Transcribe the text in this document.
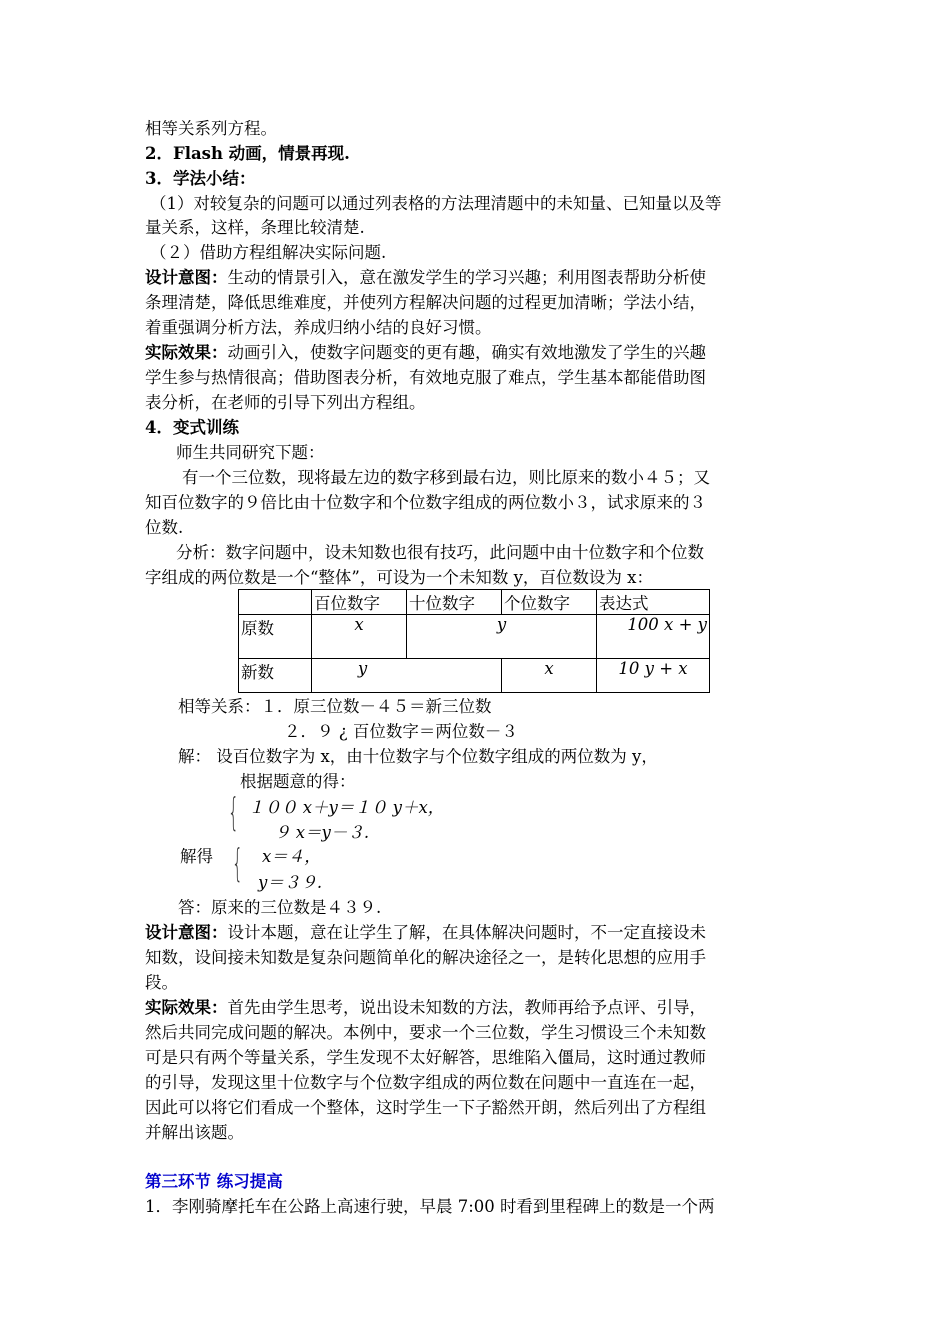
相等关系列方程。
2．Flash 动画，情景再现.
3．学法小结：
（1）对较复杂的问题可以通过列表格的方法理清题中的未知量、已知量以及等
量关系，这样，条理比较清楚.
（２）借助方程组解决实际问题.
设计意图：生动的情景引入，意在激发学生的学习兴趣；利用图表帮助分析使
条理清楚，降低思维难度，并使列方程解决问题的过程更加清晰；学法小结，
着重强调分析方法，养成归纳小结的良好习惯。
实际效果：动画引入，使数字问题变的更有趣，确实有效地激发了学生的兴趣
学生参与热情很高；借助图表分析，有效地克服了难点，学生基本都能借助图
表分析，在老师的引导下列出方程组。
4．变式训练
师生共同研究下题：
有一个三位数，现将最左边的数字移到最右边，则比原来的数小４５；又
知百位数字的９倍比由十位数字和个位数字组成的两位数小３，试求原来的３
位数.
分析：数字问题中，设未知数也很有技巧，此问题中由十位数字和个位数
字组成的两位数是一个“整体”，可设为一个未知数 y，百位数设为 x：
	百位数字	十位数字	个位数字	表达式
原数	x	y		100 x + y
新数	y		x	10 y + x
相等关系：１．原三位数－４５＝新三位数
２．９ ¿ 百位数字＝两位数－３
解： 设百位数字为 x，由十位数字与个位数字组成的两位数为 y，
根据题意的得：
{ １００ x＋y＝１０ y＋x，
９ x＝y－３.
解得 { x＝４，
y＝３９.
答：原来的三位数是４３９.
设计意图：设计本题，意在让学生了解，在具体解决问题时，不一定直接设未
知数，设间接未知数是复杂问题简单化的解决途径之一，是转化思想的应用手
段。
实际效果：首先由学生思考，说出设未知数的方法，教师再给予点评、引导，
然后共同完成问题的解决。本例中，要求一个三位数，学生习惯设三个未知数
可是只有两个等量关系，学生发现不太好解答，思维陷入僵局，这时通过教师
的引导，发现这里十位数字与个位数字组成的两位数在问题中一直连在一起，
因此可以将它们看成一个整体，这时学生一下子豁然开朗，然后列出了方程组
并解出该题。
第三环节 练习提高
1．李刚骑摩托车在公路上高速行驶，早晨 7:00 时看到里程碑上的数是一个两
